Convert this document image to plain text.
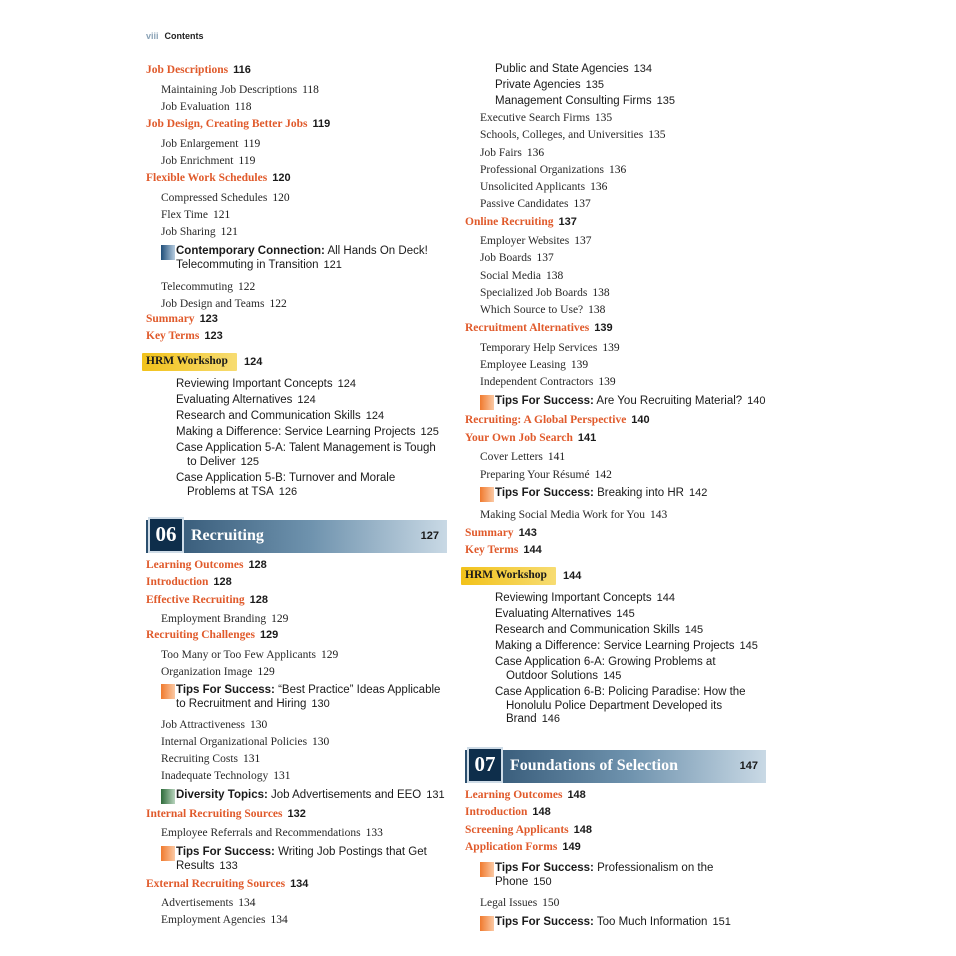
viii Contents
Job Descriptions 116
Maintaining Job Descriptions 118
Job Evaluation 118
Job Design, Creating Better Jobs 119
Job Enlargement 119
Job Enrichment 119
Flexible Work Schedules 120
Compressed Schedules 120
Flex Time 121
Job Sharing 121
Contemporary Connection: All Hands On Deck!
Telecommuting in Transition 121
Telecommuting 122
Job Design and Teams 122
Summary 123
Key Terms 123
HRM Workshop 124
Reviewing Important Concepts 124
Evaluating Alternatives 124
Research and Communication Skills 124
Making a Difference: Service Learning Projects 125
Case Application 5-A: Talent Management is Tough
to Deliver 125
Case Application 5-B: Turnover and Morale
Problems at TSA 126
06 Recruiting	127
Learning Outcomes 128
Introduction 128
Effective Recruiting 128
Employment Branding 129
Recruiting Challenges 129
Too Many or Too Few Applicants 129
Organization Image 129
Tips For Success: “Best Practice” Ideas Applicable
to Recruitment and Hiring 130
Job Attractiveness 130
Internal Organizational Policies 130
Recruiting Costs 131
Inadequate Technology 131
Diversity Topics: Job Advertisements and EEO 131
Internal Recruiting Sources 132
Employee Referrals and Recommendations 133
Tips For Success: Writing Job Postings that Get
Results 133
External Recruiting Sources 134
Advertisements 134
Employment Agencies 134
Public and State Agencies 134
Private Agencies 135
Management Consulting Firms 135
Executive Search Firms 135
Schools, Colleges, and Universities 135
Job Fairs 136
Professional Organizations 136
Unsolicited Applicants 136
Passive Candidates 137
Online Recruiting 137
Employer Websites 137
Job Boards 137
Social Media 138
Specialized Job Boards 138
Which Source to Use? 138
Recruitment Alternatives 139
Temporary Help Services 139
Employee Leasing 139
Independent Contractors 139
Tips For Success: Are You Recruiting Material? 140
Recruiting: A Global Perspective 140
Your Own Job Search 141
Cover Letters 141
Preparing Your Résumé 142
Tips For Success: Breaking into HR 142
Making Social Media Work for You 143
Summary 143
Key Terms 144
HRM Workshop 144
Reviewing Important Concepts 144
Evaluating Alternatives 145
Research and Communication Skills 145
Making a Difference: Service Learning Projects 145
Case Application 6-A: Growing Problems at
Outdoor Solutions 145
Case Application 6-B: Policing Paradise: How the
Honolulu Police Department Developed its
Brand 146
07 Foundations of Selection	147
Learning Outcomes 148
Introduction 148
Screening Applicants 148
Application Forms 149
Tips For Success: Professionalism on the
Phone 150
Legal Issues 150
Tips For Success: Too Much Information 151
